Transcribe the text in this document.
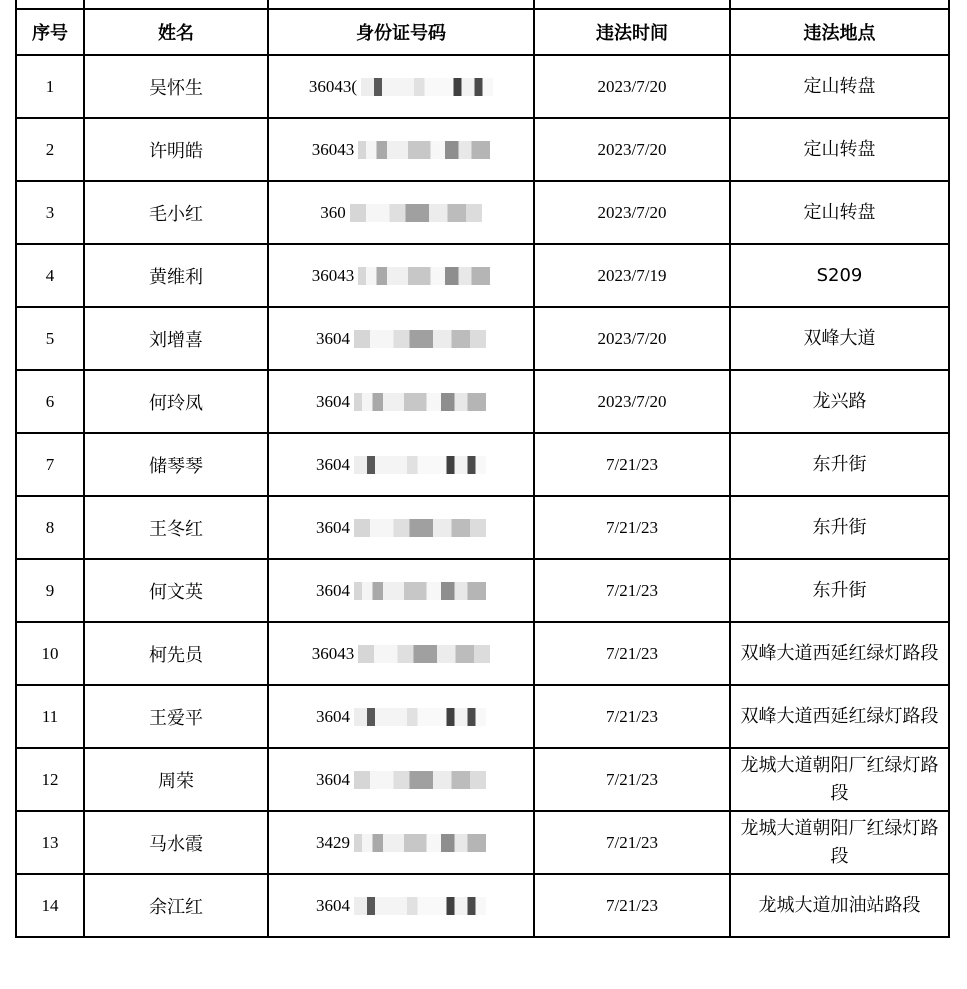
序号	姓名	身份证号码	违法时间	违法地点
1	吴怀生	36043(	2023/7/20	定山转盘
2	许明皓	36043	2023/7/20	定山转盘
3	毛小红	360	2023/7/20	定山转盘
4	黄维利	36043	2023/7/19	S209
5	刘增喜	3604	2023/7/20	双峰大道
6	何玲凤	3604	2023/7/20	龙兴路
7	储琴琴	3604	7/21/23	东升街
8	王冬红	3604	7/21/23	东升街
9	何文英	3604	7/21/23	东升街
10	柯先员	36043	7/21/23	双峰大道西延红绿灯路段
11	王爱平	3604	7/21/23	双峰大道西延红绿灯路段
12	周荣	3604	7/21/23	龙城大道朝阳厂红绿灯路段
13	马水霞	3429	7/21/23	龙城大道朝阳厂红绿灯路段
14	余江红	3604	7/21/23	龙城大道加油站路段
